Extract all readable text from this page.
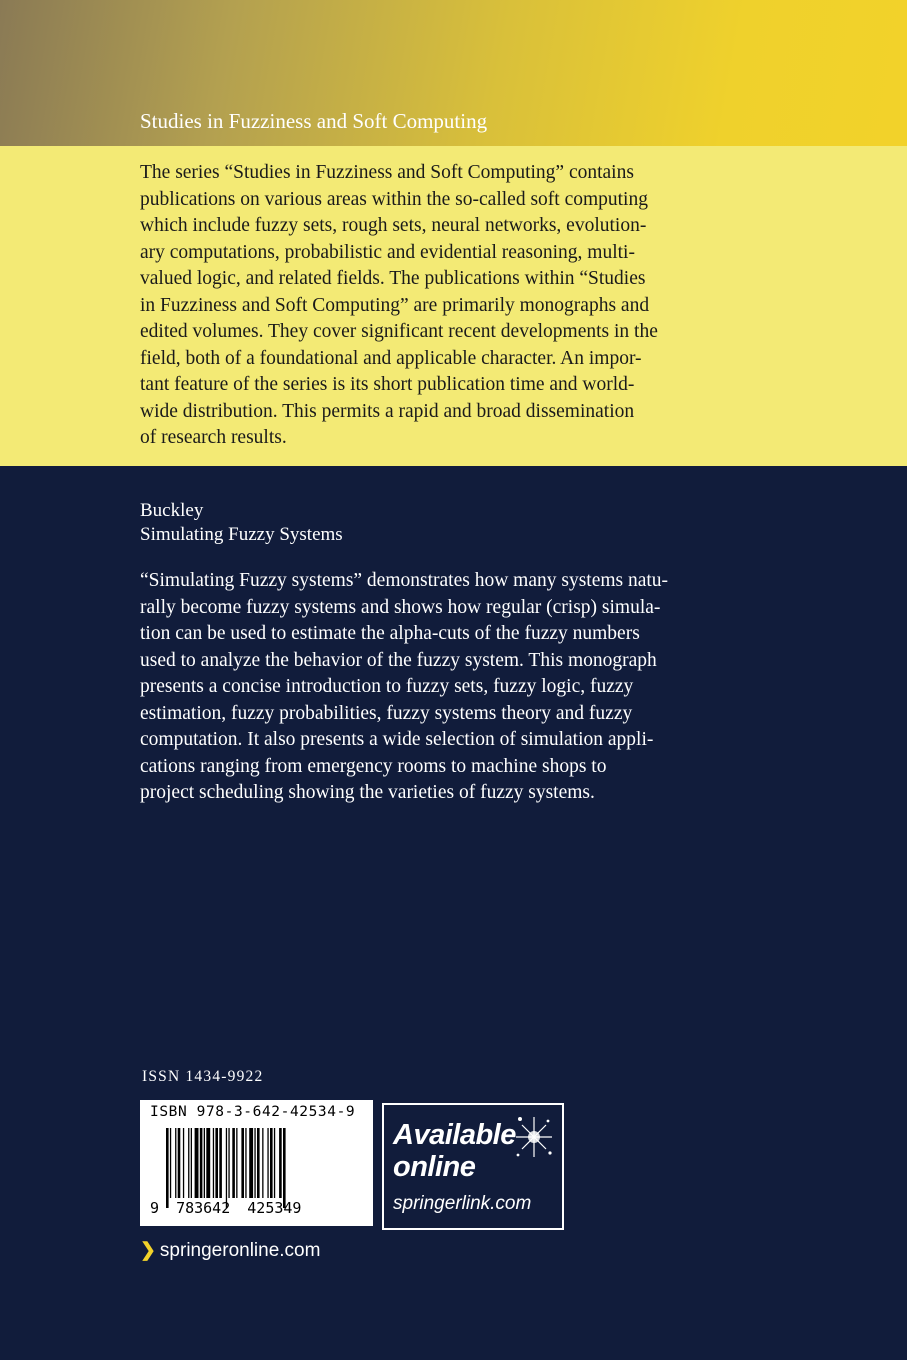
Studies in Fuzziness and Soft Computing
The series “Studies in Fuzziness and Soft Computing” contains
publications on various areas within the so-called soft computing
which include fuzzy sets, rough sets, neural networks, evolution-
ary computations, probabilistic and evidential reasoning, multi-
valued logic, and related fields. The publications within “Studies
in Fuzziness and Soft Computing” are primarily monographs and
edited volumes. They cover significant recent developments in the
field, both of a foundational and applicable character. An impor-
tant feature of the series is its short publication time and world-
wide distribution. This permits a rapid and broad dissemination
of research results.
Buckley
Simulating Fuzzy Systems
“Simulating Fuzzy systems” demonstrates how many systems natu-
rally become fuzzy systems and shows how regular (crisp) simula-
tion can be used to estimate the alpha-cuts of the fuzzy numbers
used to analyze the behavior of the fuzzy system. This monograph
presents a concise introduction to fuzzy sets, fuzzy logic, fuzzy
estimation, fuzzy probabilities, fuzzy systems theory and fuzzy
computation. It also presents a wide selection of simulation appli-
cations ranging from emergency rooms to machine shops to
project scheduling showing the varieties of fuzzy systems.
ISSN 1434-9922
ISBN 978-3-642-42534-9
9 783642 425349
Available
online
springerlink.com
❯ springeronline.com
